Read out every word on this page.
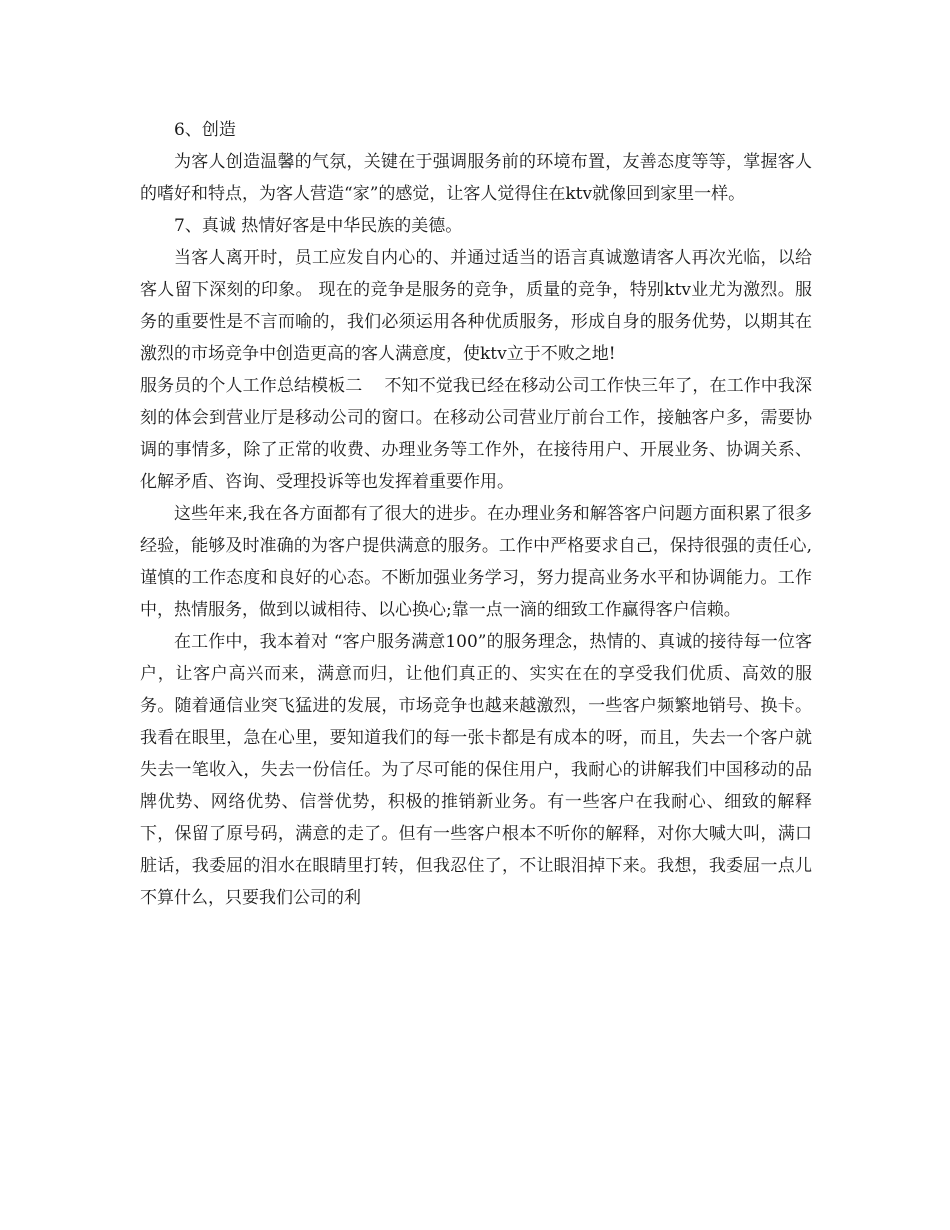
6、创造

为客人创造温馨的气氛，关键在于强调服务前的环境布置，友善态度等等，掌握客人的嗜好和特点，为客人营造“家”的感觉，让客人觉得住在ktv就像回到家里一样。

7、真诚 热情好客是中华民族的美德。

当客人离开时，员工应发自内心的、并通过适当的语言真诚邀请客人再次光临，以给客人留下深刻的印象。 现在的竞争是服务的竞争，质量的竞争，特别ktv业尤为激烈。服务的重要性是不言而喻的，我们必须运用各种优质服务，形成自身的服务优势，以期其在激烈的市场竞争中创造更高的客人满意度，使ktv立于不败之地!

服务员的个人工作总结模板二 不知不觉我已经在移动公司工作快三年了，在工作中我深刻的体会到营业厅是移动公司的窗口。在移动公司营业厅前台工作，接触客户多，需要协调的事情多，除了正常的收费、办理业务等工作外，在接待用户、开展业务、协调关系、化解矛盾、咨询、受理投诉等也发挥着重要作用。

这些年来,我在各方面都有了很大的进步。在办理业务和解答客户问题方面积累了很多经验，能够及时准确的为客户提供满意的服务。工作中严格要求自己，保持很强的责任心,谨慎的工作态度和良好的心态。不断加强业务学习，努力提高业务水平和协调能力。工作中，热情服务，做到以诚相待、以心换心;靠一点一滴的细致工作赢得客户信赖。

在工作中，我本着对 “客户服务满意100”的服务理念，热情的、真诚的接待每一位客户，让客户高兴而来，满意而归，让他们真正的、实实在在的享受我们优质、高效的服务。随着通信业突飞猛进的发展，市场竞争也越来越激烈，一些客户频繁地销号、换卡。我看在眼里，急在心里，要知道我们的每一张卡都是有成本的呀，而且，失去一个客户就失去一笔收入，失去一份信任。为了尽可能的保住用户，我耐心的讲解我们中国移动的品牌优势、网络优势、信誉优势，积极的推销新业务。有一些客户在我耐心、细致的解释下，保留了原号码，满意的走了。但有一些客户根本不听你的解释，对你大喊大叫，满口脏话，我委屈的泪水在眼睛里打转，但我忍住了，不让眼泪掉下来。我想，我委屈一点儿不算什么，只要我们公司的利
